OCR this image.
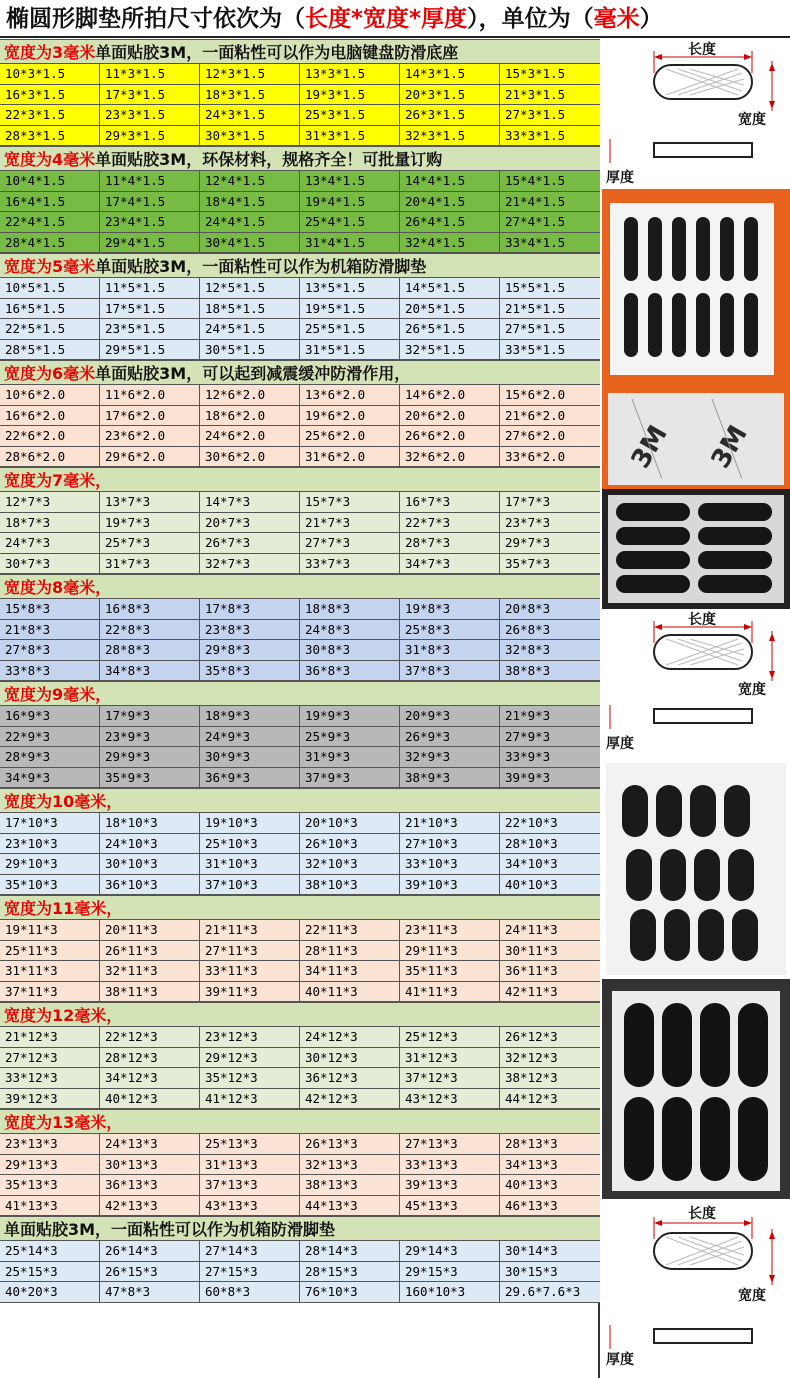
椭圆形脚垫所拍尺寸依次为（长度*宽度*厚度），单位为（毫米）
宽度为3毫米单面贴胶3M，一面粘性可以作为电脑键盘防滑底座
10*3*1.5	11*3*1.5	12*3*1.5	13*3*1.5	14*3*1.5	15*3*1.5
16*3*1.5	17*3*1.5	18*3*1.5	19*3*1.5	20*3*1.5	21*3*1.5
22*3*1.5	23*3*1.5	24*3*1.5	25*3*1.5	26*3*1.5	27*3*1.5
28*3*1.5	29*3*1.5	30*3*1.5	31*3*1.5	32*3*1.5	33*3*1.5
宽度为4毫米单面贴胶3M，环保材料，规格齐全！可批量订购
10*4*1.5	11*4*1.5	12*4*1.5	13*4*1.5	14*4*1.5	15*4*1.5
16*4*1.5	17*4*1.5	18*4*1.5	19*4*1.5	20*4*1.5	21*4*1.5
22*4*1.5	23*4*1.5	24*4*1.5	25*4*1.5	26*4*1.5	27*4*1.5
28*4*1.5	29*4*1.5	30*4*1.5	31*4*1.5	32*4*1.5	33*4*1.5
宽度为5毫米单面贴胶3M，一面粘性可以作为机箱防滑脚垫
10*5*1.5	11*5*1.5	12*5*1.5	13*5*1.5	14*5*1.5	15*5*1.5
16*5*1.5	17*5*1.5	18*5*1.5	19*5*1.5	20*5*1.5	21*5*1.5
22*5*1.5	23*5*1.5	24*5*1.5	25*5*1.5	26*5*1.5	27*5*1.5
28*5*1.5	29*5*1.5	30*5*1.5	31*5*1.5	32*5*1.5	33*5*1.5
宽度为6毫米单面贴胶3M，可以起到减震缓冲防滑作用，
10*6*2.0	11*6*2.0	12*6*2.0	13*6*2.0	14*6*2.0	15*6*2.0
16*6*2.0	17*6*2.0	18*6*2.0	19*6*2.0	20*6*2.0	21*6*2.0
22*6*2.0	23*6*2.0	24*6*2.0	25*6*2.0	26*6*2.0	27*6*2.0
28*6*2.0	29*6*2.0	30*6*2.0	31*6*2.0	32*6*2.0	33*6*2.0
宽度为7毫米，
12*7*3	13*7*3	14*7*3	15*7*3	16*7*3	17*7*3
18*7*3	19*7*3	20*7*3	21*7*3	22*7*3	23*7*3
24*7*3	25*7*3	26*7*3	27*7*3	28*7*3	29*7*3
30*7*3	31*7*3	32*7*3	33*7*3	34*7*3	35*7*3
宽度为8毫米，
15*8*3	16*8*3	17*8*3	18*8*3	19*8*3	20*8*3
21*8*3	22*8*3	23*8*3	24*8*3	25*8*3	26*8*3
27*8*3	28*8*3	29*8*3	30*8*3	31*8*3	32*8*3
33*8*3	34*8*3	35*8*3	36*8*3	37*8*3	38*8*3
宽度为9毫米，
16*9*3	17*9*3	18*9*3	19*9*3	20*9*3	21*9*3
22*9*3	23*9*3	24*9*3	25*9*3	26*9*3	27*9*3
28*9*3	29*9*3	30*9*3	31*9*3	32*9*3	33*9*3
34*9*3	35*9*3	36*9*3	37*9*3	38*9*3	39*9*3
宽度为10毫米，
17*10*3	18*10*3	19*10*3	20*10*3	21*10*3	22*10*3
23*10*3	24*10*3	25*10*3	26*10*3	27*10*3	28*10*3
29*10*3	30*10*3	31*10*3	32*10*3	33*10*3	34*10*3
35*10*3	36*10*3	37*10*3	38*10*3	39*10*3	40*10*3
宽度为11毫米，
19*11*3	20*11*3	21*11*3	22*11*3	23*11*3	24*11*3
25*11*3	26*11*3	27*11*3	28*11*3	29*11*3	30*11*3
31*11*3	32*11*3	33*11*3	34*11*3	35*11*3	36*11*3
37*11*3	38*11*3	39*11*3	40*11*3	41*11*3	42*11*3
宽度为12毫米，
21*12*3	22*12*3	23*12*3	24*12*3	25*12*3	26*12*3
27*12*3	28*12*3	29*12*3	30*12*3	31*12*3	32*12*3
33*12*3	34*12*3	35*12*3	36*12*3	37*12*3	38*12*3
39*12*3	40*12*3	41*12*3	42*12*3	43*12*3	44*12*3
宽度为13毫米，
23*13*3	24*13*3	25*13*3	26*13*3	27*13*3	28*13*3
29*13*3	30*13*3	31*13*3	32*13*3	33*13*3	34*13*3
35*13*3	36*13*3	37*13*3	38*13*3	39*13*3	40*13*3
41*13*3	42*13*3	43*13*3	44*13*3	45*13*3	46*13*3
单面贴胶3M，一面粘性可以作为机箱防滑脚垫
25*14*3	26*14*3	27*14*3	28*14*3	29*14*3	30*14*3
25*15*3	26*15*3	27*15*3	28*15*3	29*15*3	30*15*3
40*20*3	47*8*3	60*8*3	76*10*3	160*10*3	29.6*7.6*3
长度
宽度
厚度
长度
宽度
厚度
长度
宽度
厚度
